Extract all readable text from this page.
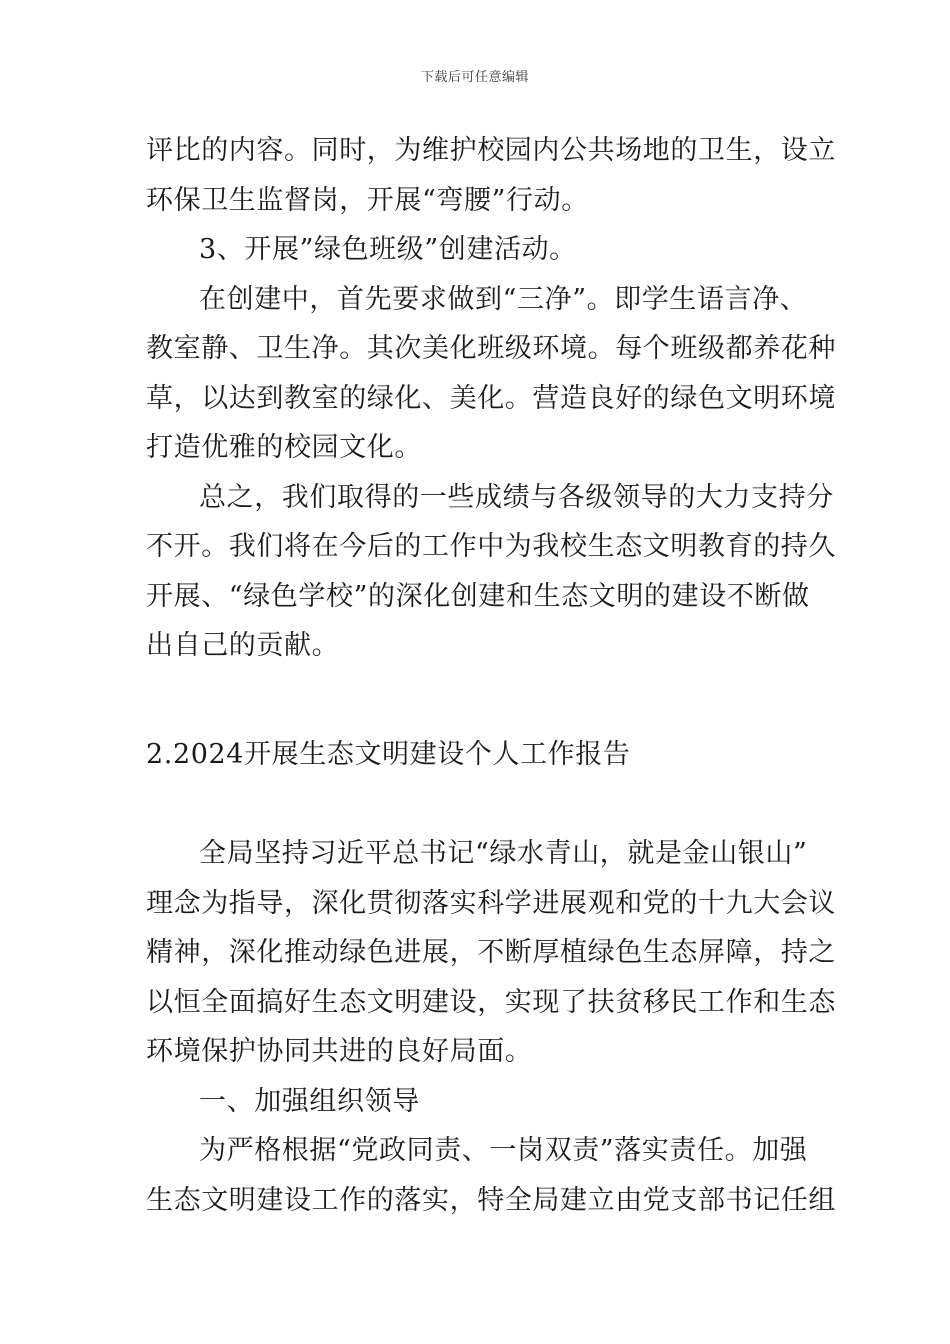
下载后可任意编辑
评比的内容。同时，为维护校园内公共场地的卫生，设立
环保卫生监督岗，开展“弯腰”行动。
3、开展”绿色班级”创建活动。
在创建中，首先要求做到“三净”。即学生语言净、
教室静、卫生净。其次美化班级环境。每个班级都养花种
草，以达到教室的绿化、美化。营造良好的绿色文明环境
打造优雅的校园文化。
总之，我们取得的一些成绩与各级领导的大力支持分
不开。我们将在今后的工作中为我校生态文明教育的持久
开展、“绿色学校”的深化创建和生态文明的建设不断做
出自己的贡献。
2.2024开展生态文明建设个人工作报告
全局坚持习近平总书记“绿水青山，就是金山银山”
理念为指导，深化贯彻落实科学进展观和党的十九大会议
精神，深化推动绿色进展，不断厚植绿色生态屏障，持之
以恒全面搞好生态文明建设，实现了扶贫移民工作和生态
环境保护协同共进的良好局面。
一、加强组织领导
为严格根据“党政同责、一岗双责”落实责任。加强
生态文明建设工作的落实，特全局建立由党支部书记任组
